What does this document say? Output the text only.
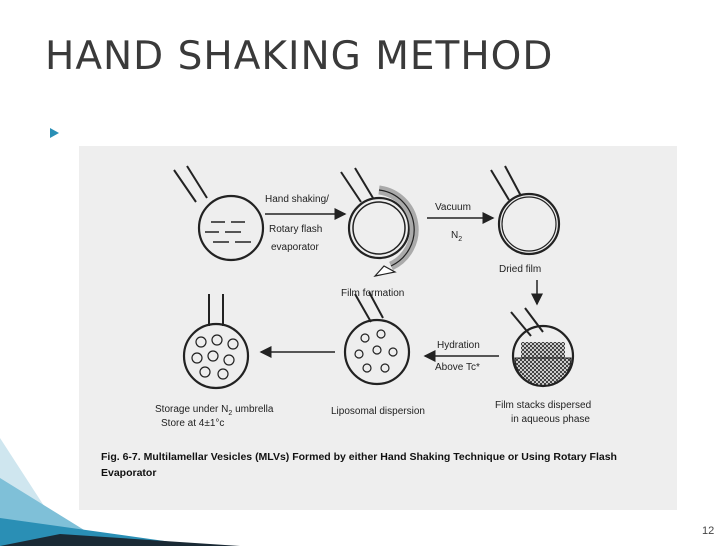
HAND SHAKING METHOD
Hand shaking/
Rotary flash
evaporator
Film formation
Vacuum
$N_2$
Dried film
Film stacks dispersed
in aqueous phase
Hydration
Above Tc*
Liposomal dispersion
Storage under $N_2$ umbrella
Store at 4±1°c
Fig. 6-7. Multilamellar Vesicles (MLVs) Formed by either Hand Shaking Technique or Using Rotary Flash
Evaporator
12
